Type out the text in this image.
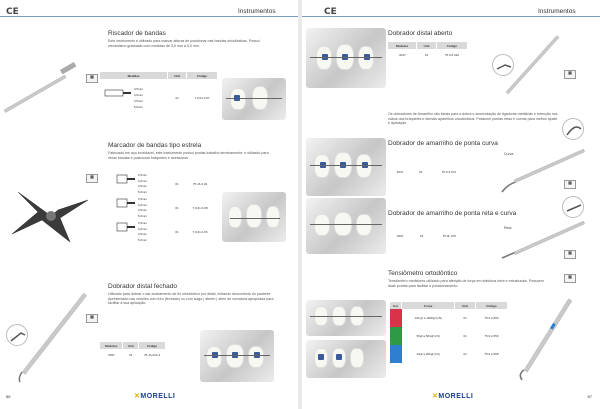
CE	Instrumentos
Riscador de bandas
Este instrumento é utilizado para marcar alturas de posicionar nas bandas ortodônticas. Possui mecanismo graduado com medidas de 3,5 mm a 5,0 mm.
▦	Medidas	Unit	Código

3,5mm
4,0mm
4,5mm
5,0mm	01	7.0.01.0.07
Marcador de bandas tipo estrela
Fabricado em aço inoxidável, este instrumento possui pontas trabalho termicamente, é utilizado para riscar bandas e posicionar bráquetes e acessórios.
▦
	3,5mm
4,0mm
4,5mm
5,0mm	01	75.JA.0.32

3,5mm
4,0mm
4,5mm
5,0mm	01	7.0.01.0.08

3,5mm
4,0mm
4,5mm
5,0mm	01	7.0.01.0.06
Dobrador distal fechado
Utilizado para dobrar o dar acabamento de fio ortodôntico por distal, evitando desconforto do paciente. Apresentado nas versões com furo (fechado) ou com sulgo | aberto | além de curvatura apropriada para facilitar a sua aplicação.
▦
Modelos	Unit	Código
3047	01	75.JA.022.3
86	✕MORELLI
CE	Instrumentos
Dobrador distal aberto
Modelos	Unit	Código
3047	01	75.0.0.022
▦
Os dobradores de Amarrilho são ideais para a dobra e acomodação de ligaduras metálicas e retenção nos cabos dos bráquetes e demais aparelhos ortodônticos. Possuem pontas retas e curvas para melhor ajuste e aplicação.
Dobrador de amarrilho de ponta curva
3047	01	75.0.2.074
Curva
▦
Dobrador de amarrilho de ponta reta e curva
3047	01	75.0L.070
Reta
▦
Tensiômetro ortodôntico
Tensiômetro medidores utilizado para aferição de força em elásticos intra e extrabucais. Possuem duas pontas para facilitar o posicionamento.
▦
Cor	Força	Unit	Código
	100 gf a 1000gf (cN)	01	75.0.2.056
	50gf a 500gf (cN)	01	75.0.2.056
	20gf a 200gf (cN)	01	75.0.2.058
87
✕MORELLI
